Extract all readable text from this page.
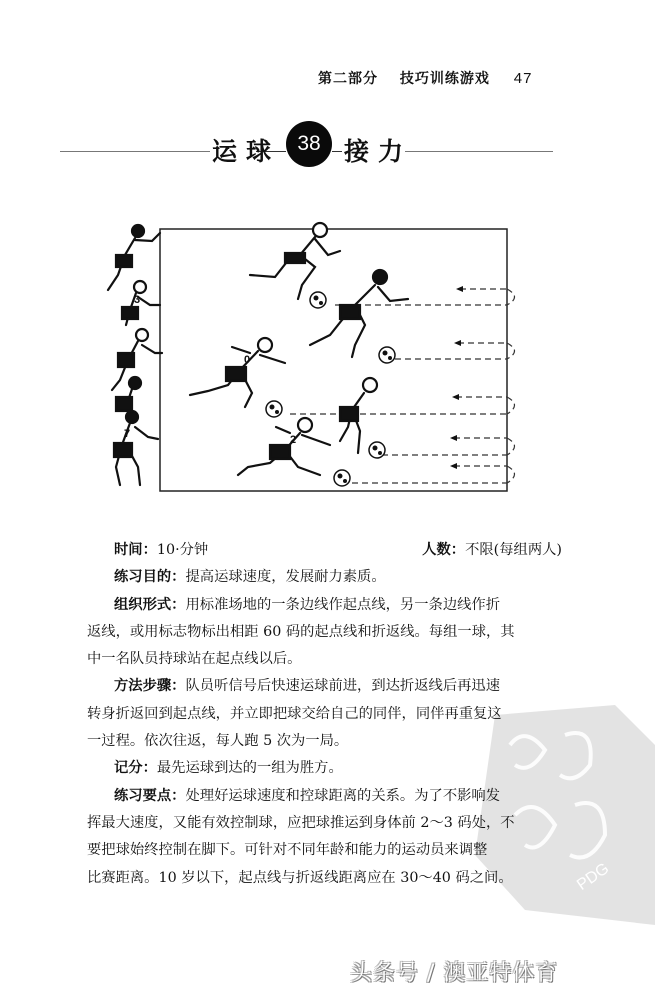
第二部分 技巧训练游戏 47
运球 38 接力
3
7
0
6
2
PDG
时间：10·分钟	人数：不限(每组两人)
练习目的：提高运球速度，发展耐力素质。
组织形式：用标准场地的一条边线作起点线，另一条边线作折
返线，或用标志物标出相距 60 码的起点线和折返线。每组一球，其
中一名队员持球站在起点线以后。
方法步骤：队员听信号后快速运球前进，到达折返线后再迅速
转身折返回到起点线，并立即把球交给自己的同伴，同伴再重复这
一过程。依次往返，每人跑 5 次为一局。
记分：最先运球到达的一组为胜方。
练习要点：处理好运球速度和控球距离的关系。为了不影响发
挥最大速度，又能有效控制球，应把球推运到身体前 2～3 码处，不
要把球始终控制在脚下。可针对不同年龄和能力的运动员来调整
比赛距离。10 岁以下，起点线与折返线距离应在 30～40 码之间。
头条号 / 澳亚特体育
